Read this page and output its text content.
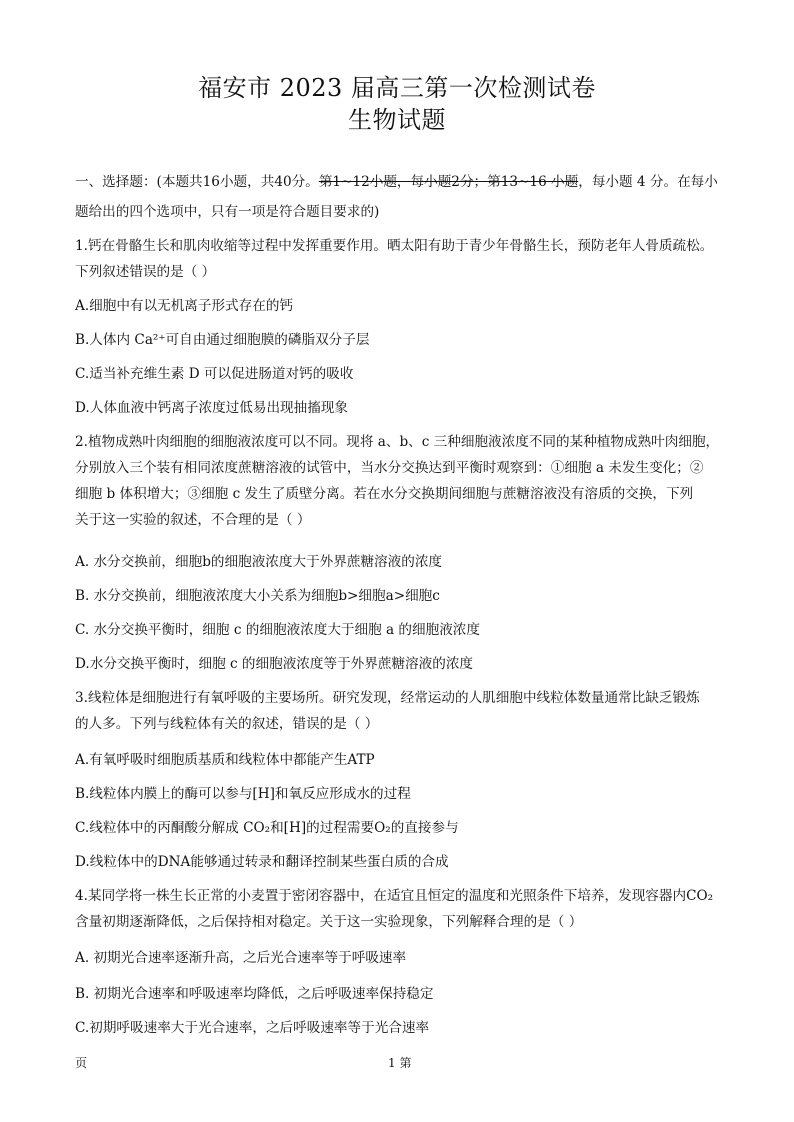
福安市 2023 届高三第一次检测试卷
生物试题
一、选择题：(本题共16小题，共40分。第1~12小题，每小题2分；第13~16 小题，每小题 4 分。在每小
题给出的四个选项中，只有一项是符合题目要求的)
1.钙在骨骼生长和肌肉收缩等过程中发挥重要作用。晒太阳有助于青少年骨骼生长，预防老年人骨质疏松。
下列叙述错误的是（ ）
A.细胞中有以无机离子形式存在的钙
B.人体内 Ca²⁺可自由通过细胞膜的磷脂双分子层
C.适当补充维生素 D 可以促进肠道对钙的吸收
D.人体血液中钙离子浓度过低易出现抽搐现象
2.植物成熟叶肉细胞的细胞液浓度可以不同。现将 a、b、c 三种细胞液浓度不同的某种植物成熟叶肉细胞，
分别放入三个装有相同浓度蔗糖溶液的试管中，当水分交换达到平衡时观察到：①细胞 a 未发生变化；②
细胞 b 体积增大；③细胞 c 发生了质壁分离。若在水分交换期间细胞与蔗糖溶液没有溶质的交换，下列
关于这一实验的叙述，不合理的是（ ）
A. 水分交换前，细胞b的细胞液浓度大于外界蔗糖溶液的浓度
B. 水分交换前，细胞液浓度大小关系为细胞b>细胞a>细胞c
C. 水分交换平衡时，细胞 c 的细胞液浓度大于细胞 a 的细胞液浓度
D.水分交换平衡时，细胞 c 的细胞液浓度等于外界蔗糖溶液的浓度
3.线粒体是细胞进行有氧呼吸的主要场所。研究发现，经常运动的人肌细胞中线粒体数量通常比缺乏锻炼
的人多。下列与线粒体有关的叙述，错误的是（ ）
A.有氧呼吸时细胞质基质和线粒体中都能产生ATP
B.线粒体内膜上的酶可以参与[H]和氧反应形成水的过程
C.线粒体中的丙酮酸分解成 CO₂和[H]的过程需要O₂的直接参与
D.线粒体中的DNA能够通过转录和翻译控制某些蛋白质的合成
4.某同学将一株生长正常的小麦置于密闭容器中，在适宜且恒定的温度和光照条件下培养，发现容器内CO₂
含量初期逐渐降低，之后保持相对稳定。关于这一实验现象，下列解释合理的是（ ）
A. 初期光合速率逐渐升高，之后光合速率等于呼吸速率
B. 初期光合速率和呼吸速率均降低，之后呼吸速率保持稳定
C.初期呼吸速率大于光合速率，之后呼吸速率等于光合速率
页	1 第
